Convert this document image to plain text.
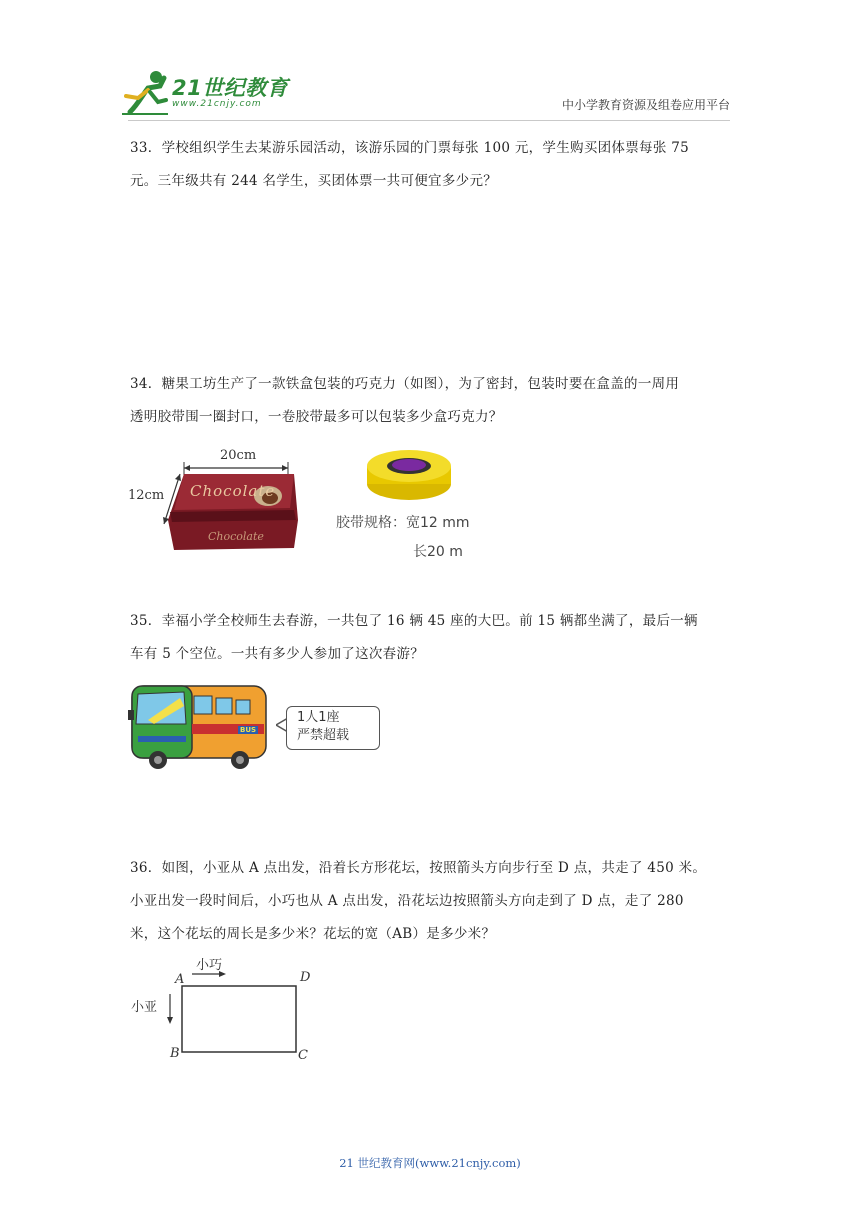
21世纪教育
www.21cnjy.com	中小学教育资源及组卷应用平台
33．学校组织学生去某游乐园活动，该游乐园的门票每张 100 元，学生购买团体票每张 75
元。三年级共有 244 名学生，买团体票一共可便宜多少元？
34．糖果工坊生产了一款铁盒包装的巧克力（如图），为了密封，包装时要在盒盖的一周用
透明胶带围一圈封口，一卷胶带最多可以包装多少盒巧克力？
20cm
12cm Chocolate
Chocolate
胶带规格：宽12 mm
长20 m
35．幸福小学全校师生去春游，一共包了 16 辆 45 座的大巴。前 15 辆都坐满了，最后一辆
车有 5 个空位。一共有多少人参加了这次春游？
BUS
1人1座
严禁超载
36．如图，小亚从 A 点出发，沿着长方形花坛，按照箭头方向步行至 D 点，共走了 450 米。
小亚出发一段时间后，小巧也从 A 点出发，沿花坛边按照箭头方向走到了 D 点，走了 280
米，这个花坛的周长是多少米？花坛的宽（AB）是多少米？
A
B	C
D
小巧
小亚
21 世纪教育网(www.21cnjy.com)
